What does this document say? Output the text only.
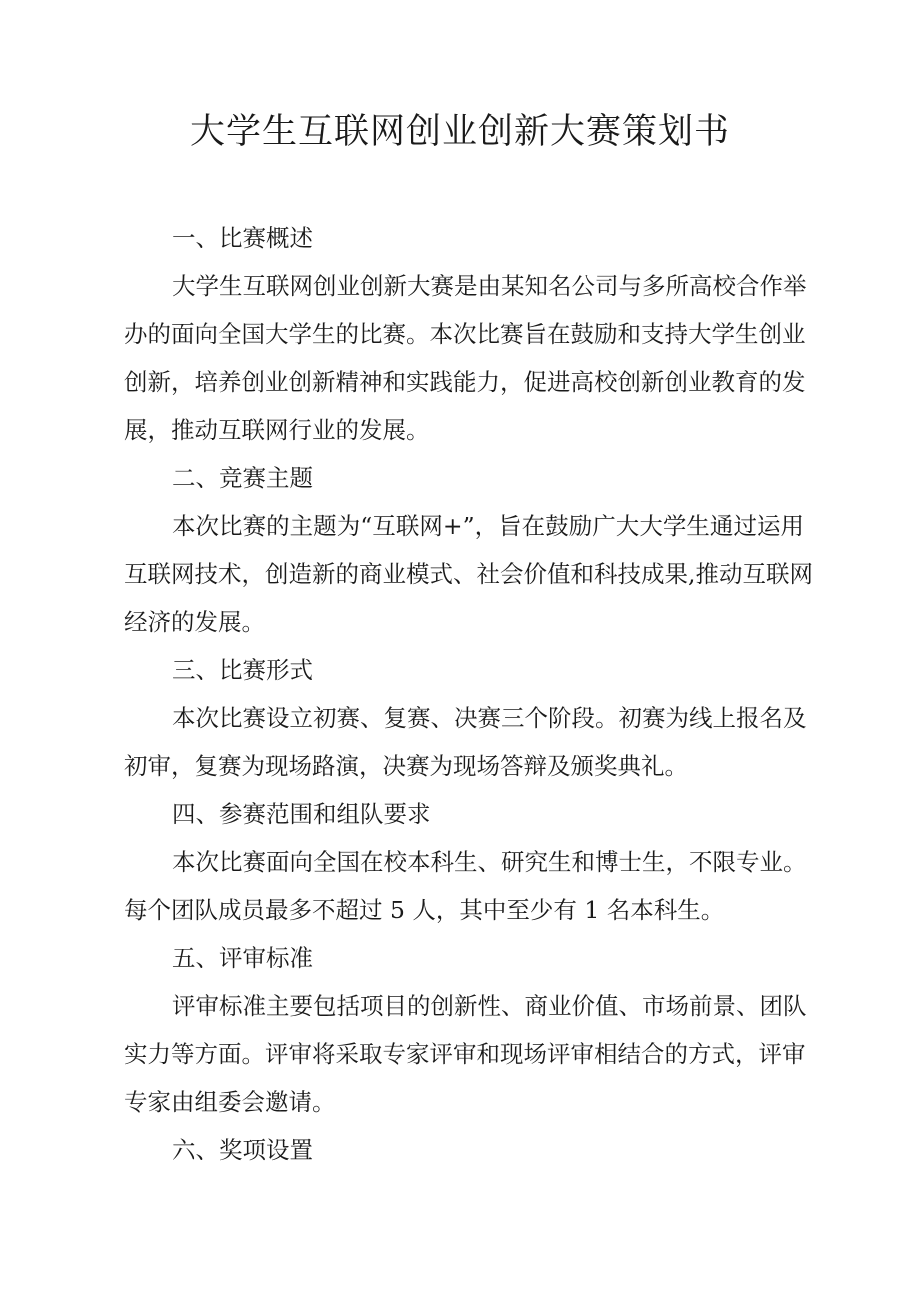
大学生互联网创业创新大赛策划书

一、比赛概述

大学生互联网创业创新大赛是由某知名公司与多所高校合作举

办的面向全国大学生的比赛。本次比赛旨在鼓励和支持大学生创业

创新，培养创业创新精神和实践能力，促进高校创新创业教育的发

展，推动互联网行业的发展。

二、竞赛主题

本次比赛的主题为“互联网+”，旨在鼓励广大大学生通过运用

互联网技术，创造新的商业模式、社会价值和科技成果,推动互联网

经济的发展。

三、比赛形式

本次比赛设立初赛、复赛、决赛三个阶段。初赛为线上报名及

初审，复赛为现场路演，决赛为现场答辩及颁奖典礼。

四、参赛范围和组队要求

本次比赛面向全国在校本科生、研究生和博士生，不限专业。

每个团队成员最多不超过 5 人，其中至少有 1 名本科生。

五、评审标准

评审标准主要包括项目的创新性、商业价值、市场前景、团队

实力等方面。评审将采取专家评审和现场评审相结合的方式，评审

专家由组委会邀请。

六、奖项设置
